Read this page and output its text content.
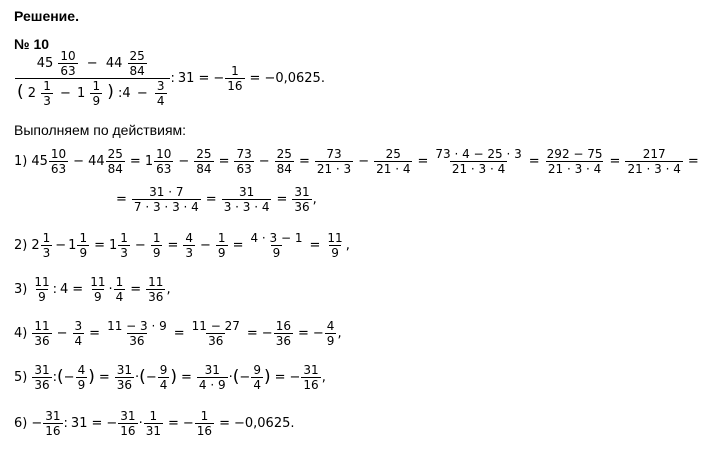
Решение.
№ 10
$45 \frac{10}{63} - 44 \frac{25}{84}$
( $2 \frac{1}{3} - 1 \frac{1}{9}$ ) :4 − $\frac{3}{4}$
: 31 = − $\frac{1}{16} = -0,0625$.
Выполняем по действиям:
1) $45 \frac{10}{63} - 44 \frac{25}{84} = 1 \frac{10}{63} - \frac{25}{84} = \frac{73}{63} - \frac{25}{84} = \frac{73}{21 \cdot 3} - \frac{25}{21 \cdot 4} = \frac{73 \cdot 4 - 25 \cdot 3}{21 \cdot 3 \cdot 4} = \frac{292 - 75}{21 \cdot 3 \cdot 4} = \frac{217}{21 \cdot 3 \cdot 4}$ =
= $\frac{31 \cdot 7}{7 \cdot 3 \cdot 3 \cdot 4} = \frac{31}{3 \cdot 3 \cdot 4} = \frac{31}{36}$ ,
2) $2 \frac{1}{3} - 1 \frac{1}{9} = 1 \frac{1}{3} - \frac{1}{9} = \frac{4}{3} - \frac{1}{9} = \frac{4 \cdot 3 - 1}{9} = \frac{11}{9}$ ,
$3) \frac{11}{9}$ : $4 = \frac{11}{9} \cdot \frac{1}{4} = \frac{11}{36}$ ,
$4) \frac{11}{36} - \frac{3}{4} = \frac{11 - 3 \cdot 9}{36} = \frac{11 - 27}{36}$ = − $\frac{16}{36}$ = − $\frac{4}{9}$ ,
$5) \frac{31}{36}$ : ( − $\frac{4}{9}$ ) = $\frac{31}{36}$ · ( − $\frac{9}{4}$ ) = $\frac{31}{4 \cdot 9}$ · ( − $\frac{9}{4}$ ) = − $\frac{31}{16}$ ,
$6) - \frac{31}{16}$ : 31 = − $\frac{31}{16} \cdot \frac{1}{31}$ = − $\frac{1}{16} = -0,0625$.
